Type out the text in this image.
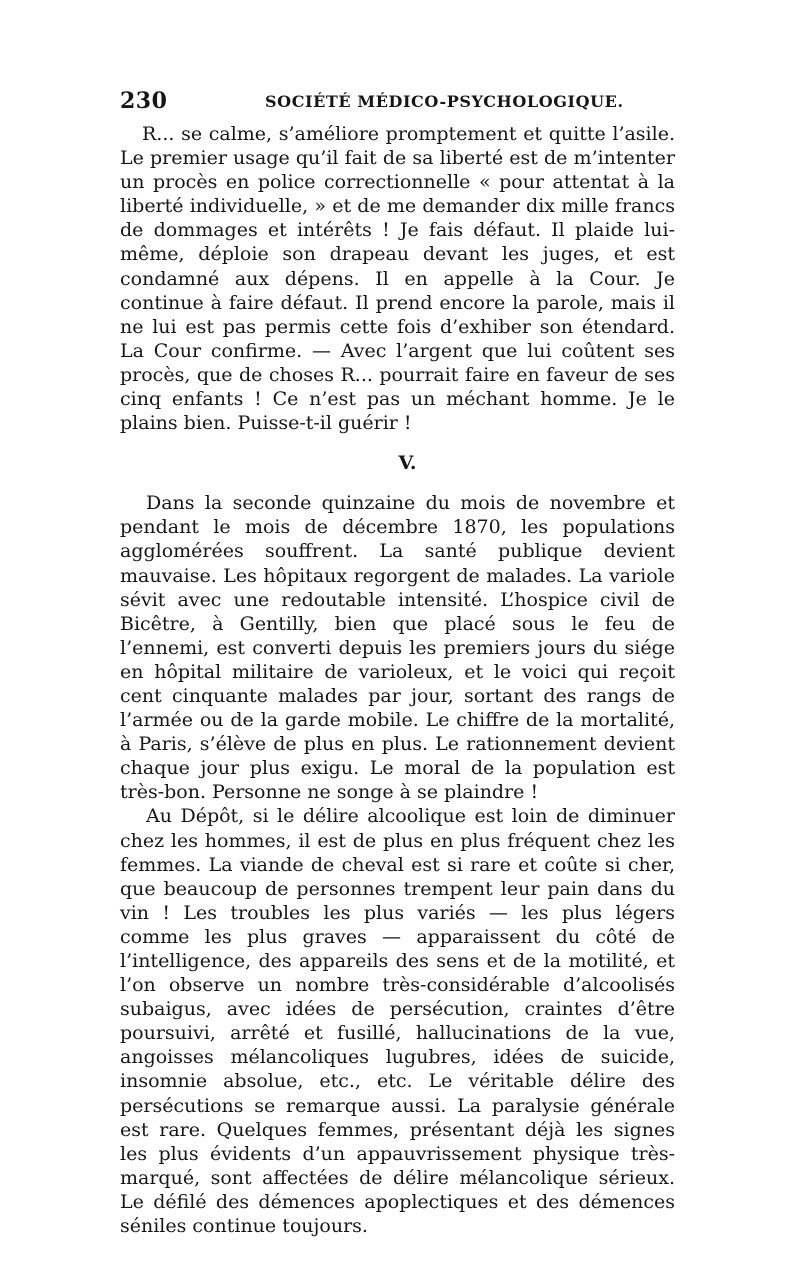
230	SOCIÉTÉ MÉDICO-PSYCHOLOGIQUE.

R... se calme, s’améliore promptement et quitte l’asile. Le premier usage qu’il fait de sa liberté est de m’intenter un procès en police correctionnelle « pour attentat à la liberté individuelle, » et de me demander dix mille francs de dommages et intérêts ! Je fais défaut. Il plaide lui-même, déploie son drapeau devant les juges, et est condamné aux dépens. Il en appelle à la Cour. Je continue à faire défaut. Il prend encore la parole, mais il ne lui est pas permis cette fois d’exhiber son étendard. La Cour confirme. — Avec l’argent que lui coûtent ses procès, que de choses R... pourrait faire en faveur de ses cinq enfants ! Ce n’est pas un méchant homme. Je le plains bien. Puisse-t-il guérir !

V.

Dans la seconde quinzaine du mois de novembre et pendant le mois de décembre 1870, les populations agglomérées souffrent. La santé publique devient mauvaise. Les hôpitaux regorgent de malades. La variole sévit avec une redoutable intensité. L’hospice civil de Bicêtre, à Gentilly, bien que placé sous le feu de l’ennemi, est converti depuis les premiers jours du siége en hôpital militaire de varioleux, et le voici qui reçoit cent cinquante malades par jour, sortant des rangs de l’armée ou de la garde mobile. Le chiffre de la mortalité, à Paris, s’élève de plus en plus. Le rationnement devient chaque jour plus exigu. Le moral de la population est très-bon. Personne ne songe à se plaindre !

Au Dépôt, si le délire alcoolique est loin de diminuer chez les hommes, il est de plus en plus fréquent chez les femmes. La viande de cheval est si rare et coûte si cher, que beaucoup de personnes trempent leur pain dans du vin ! Les troubles les plus variés — les plus légers comme les plus graves — apparaissent du côté de l’intelligence, des appareils des sens et de la motilité, et l’on observe un nombre très-considérable d’alcoolisés subaigus, avec idées de persécution, craintes d’être poursuivi, arrêté et fusillé, hallucinations de la vue, angoisses mélancoliques lugubres, idées de suicide, insomnie absolue, etc., etc. Le véritable délire des persécutions se remarque aussi. La paralysie générale est rare. Quelques femmes, présentant déjà les signes les plus évidents d’un appauvrissement physique très-marqué, sont affectées de délire mélancolique sérieux. Le défilé des démences apoplectiques et des démences séniles continue toujours.
